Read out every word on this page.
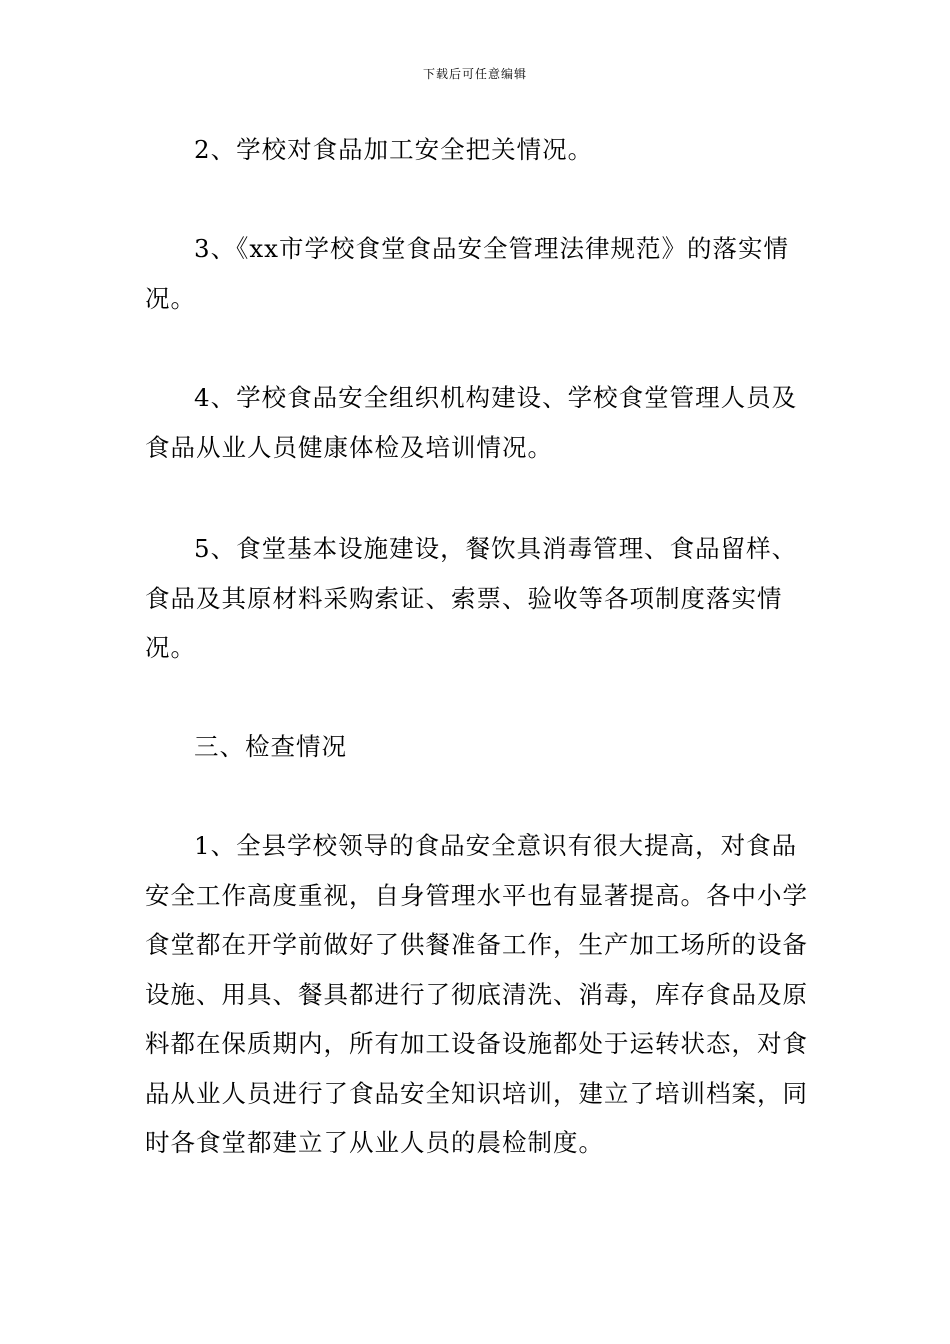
下载后可任意编辑

2、学校对食品加工安全把关情况。

3、《xx市学校食堂食品安全管理法律规范》的落实情况。

4、学校食品安全组织机构建设、学校食堂管理人员及食品从业人员健康体检及培训情况。

5、食堂基本设施建设，餐饮具消毒管理、食品留样、食品及其原材料采购索证、索票、验收等各项制度落实情况。

三、检查情况

1、全县学校领导的食品安全意识有很大提高，对食品安全工作高度重视，自身管理水平也有显著提高。各中小学食堂都在开学前做好了供餐准备工作，生产加工场所的设备设施、用具、餐具都进行了彻底清洗、消毒，库存食品及原料都在保质期内，所有加工设备设施都处于运转状态，对食品从业人员进行了食品安全知识培训，建立了培训档案，同时各食堂都建立了从业人员的晨检制度。
